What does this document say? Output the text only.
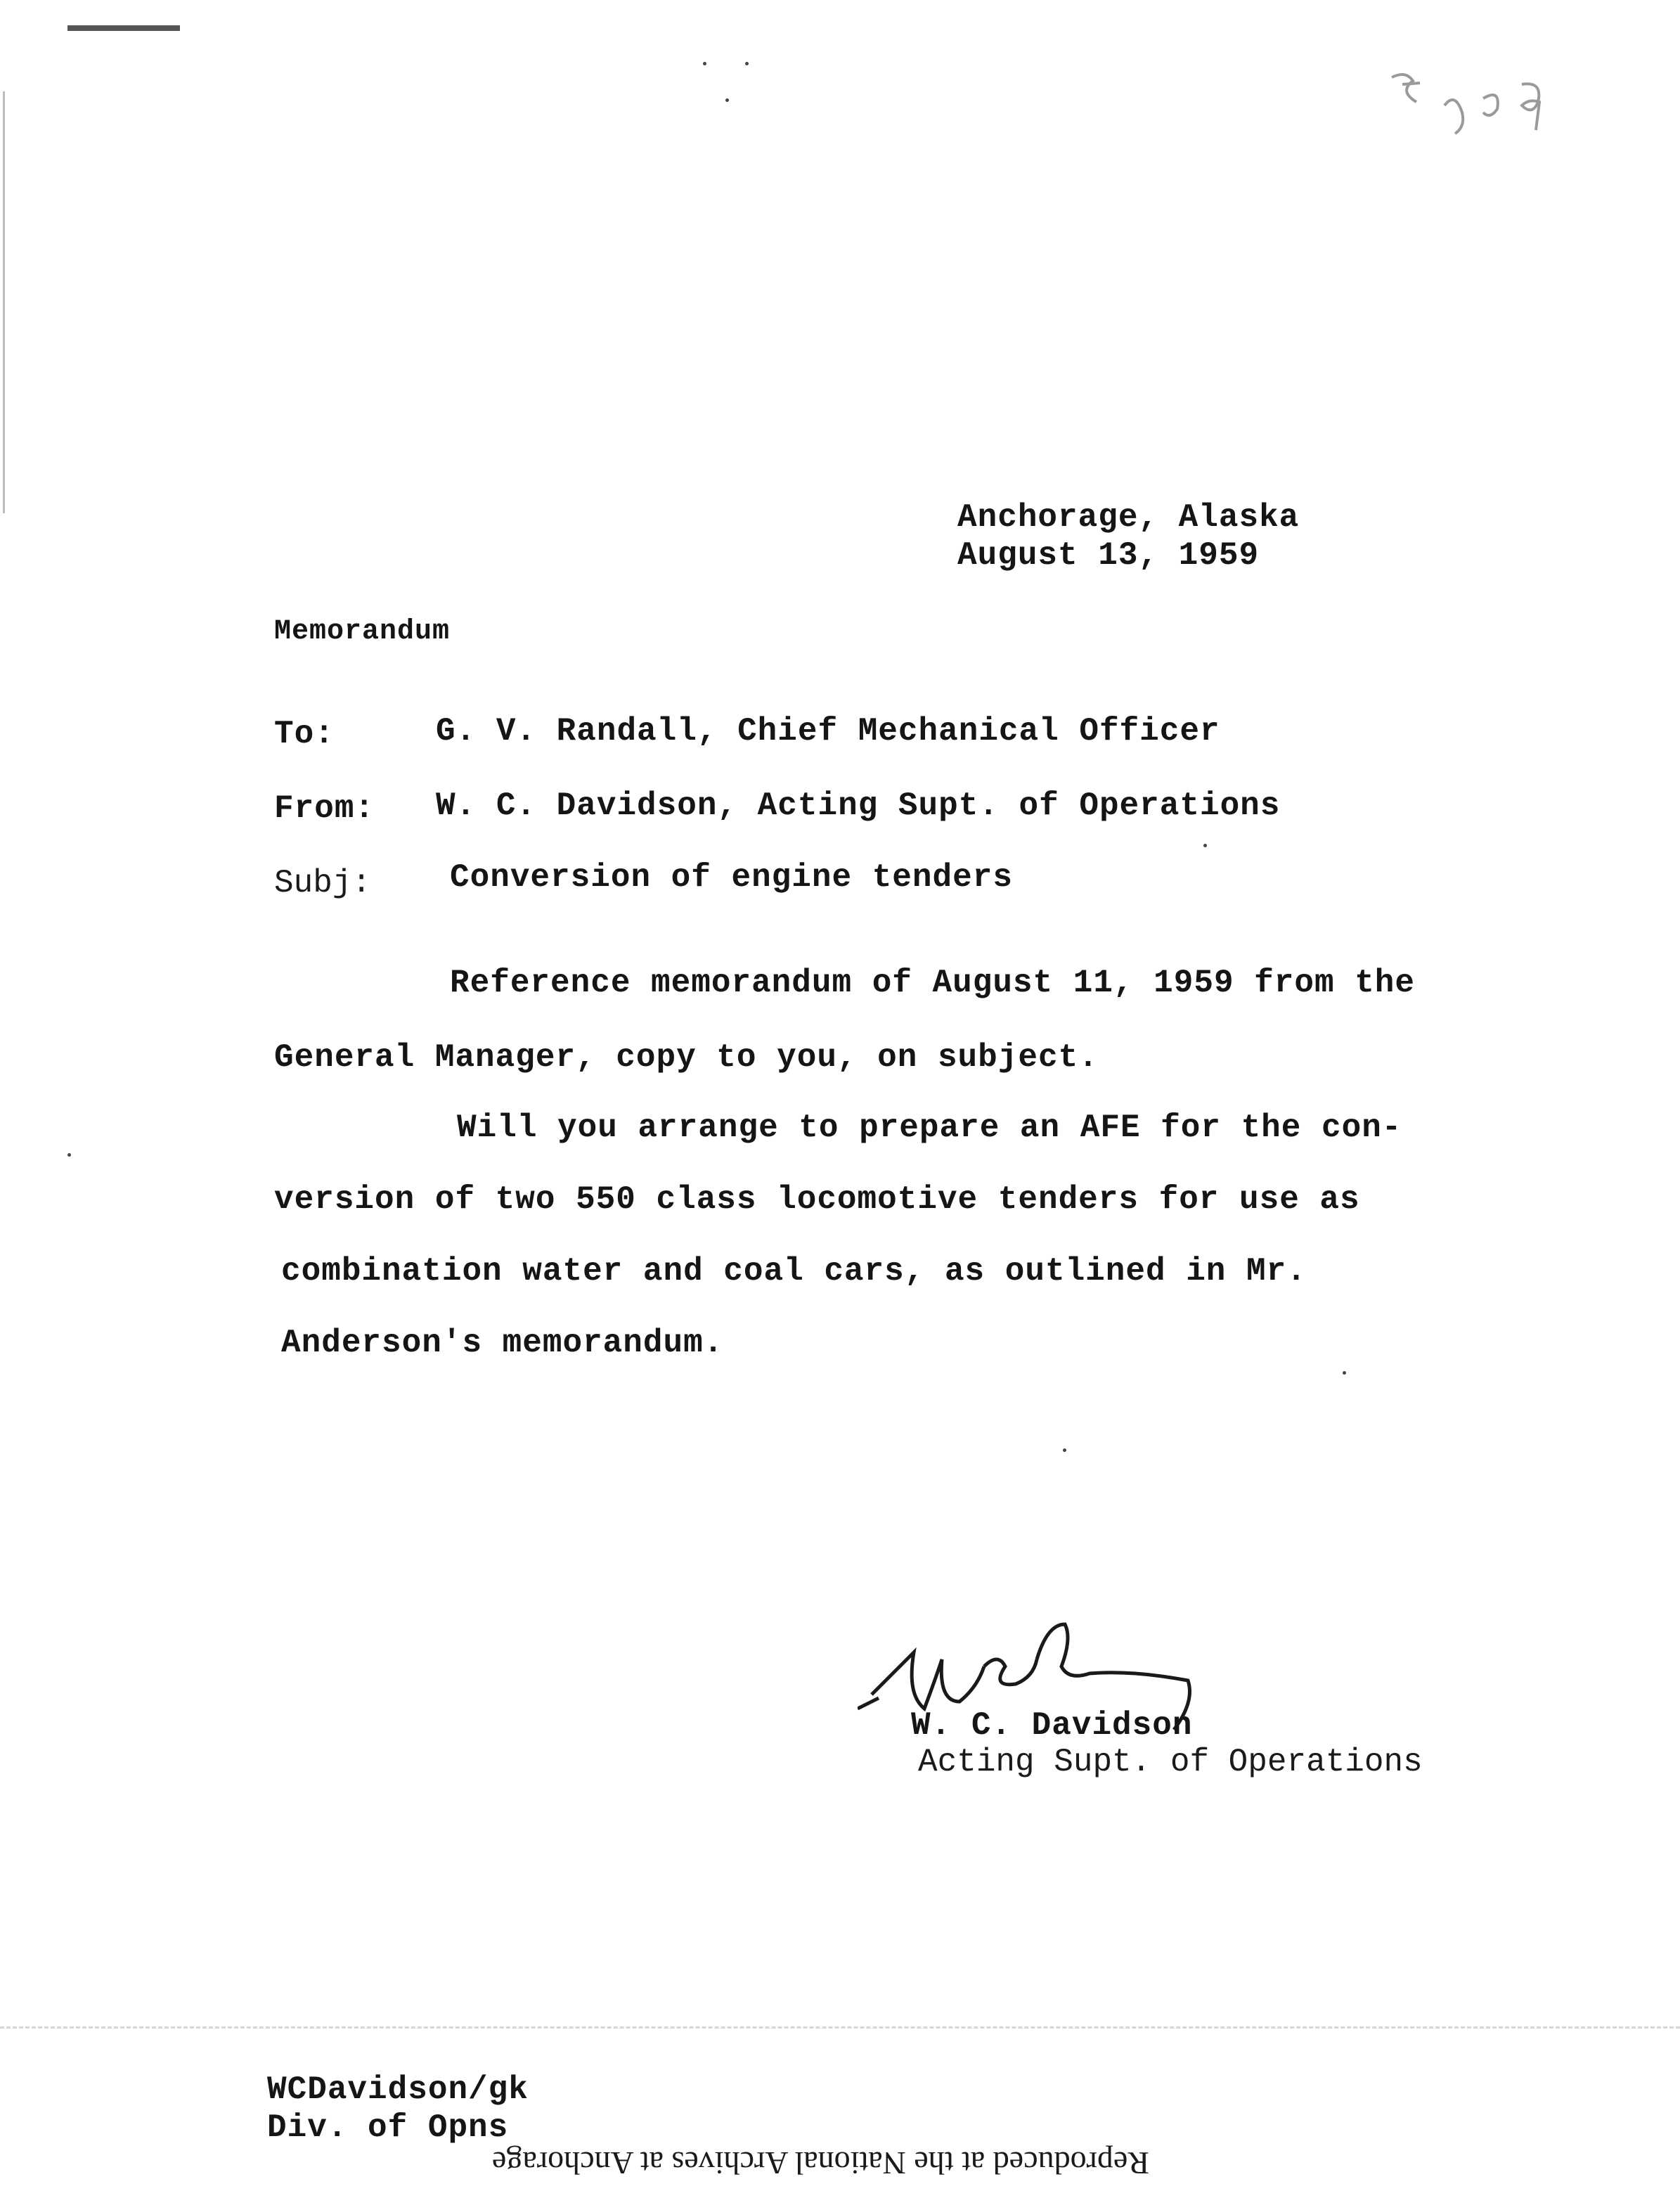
Anchorage, Alaska
August 13, 1959
Memorandum
To:	G. V. Randall, Chief Mechanical Officer
From: W. C. Davidson, Acting Supt. of Operations
Subj: Conversion of engine tenders
Reference memorandum of August 11, 1959 from the
General Manager, copy to you, on subject.
Will you arrange to prepare an AFE for the con-
version of two 550 class locomotive tenders for use as
combination water and coal cars, as outlined in Mr.
Anderson's memorandum.
W. C. Davidson
Acting Supt. of Operations
WCDavidson/gk
Div. of Opns
Reproduced at the National Archives at Anchorage
